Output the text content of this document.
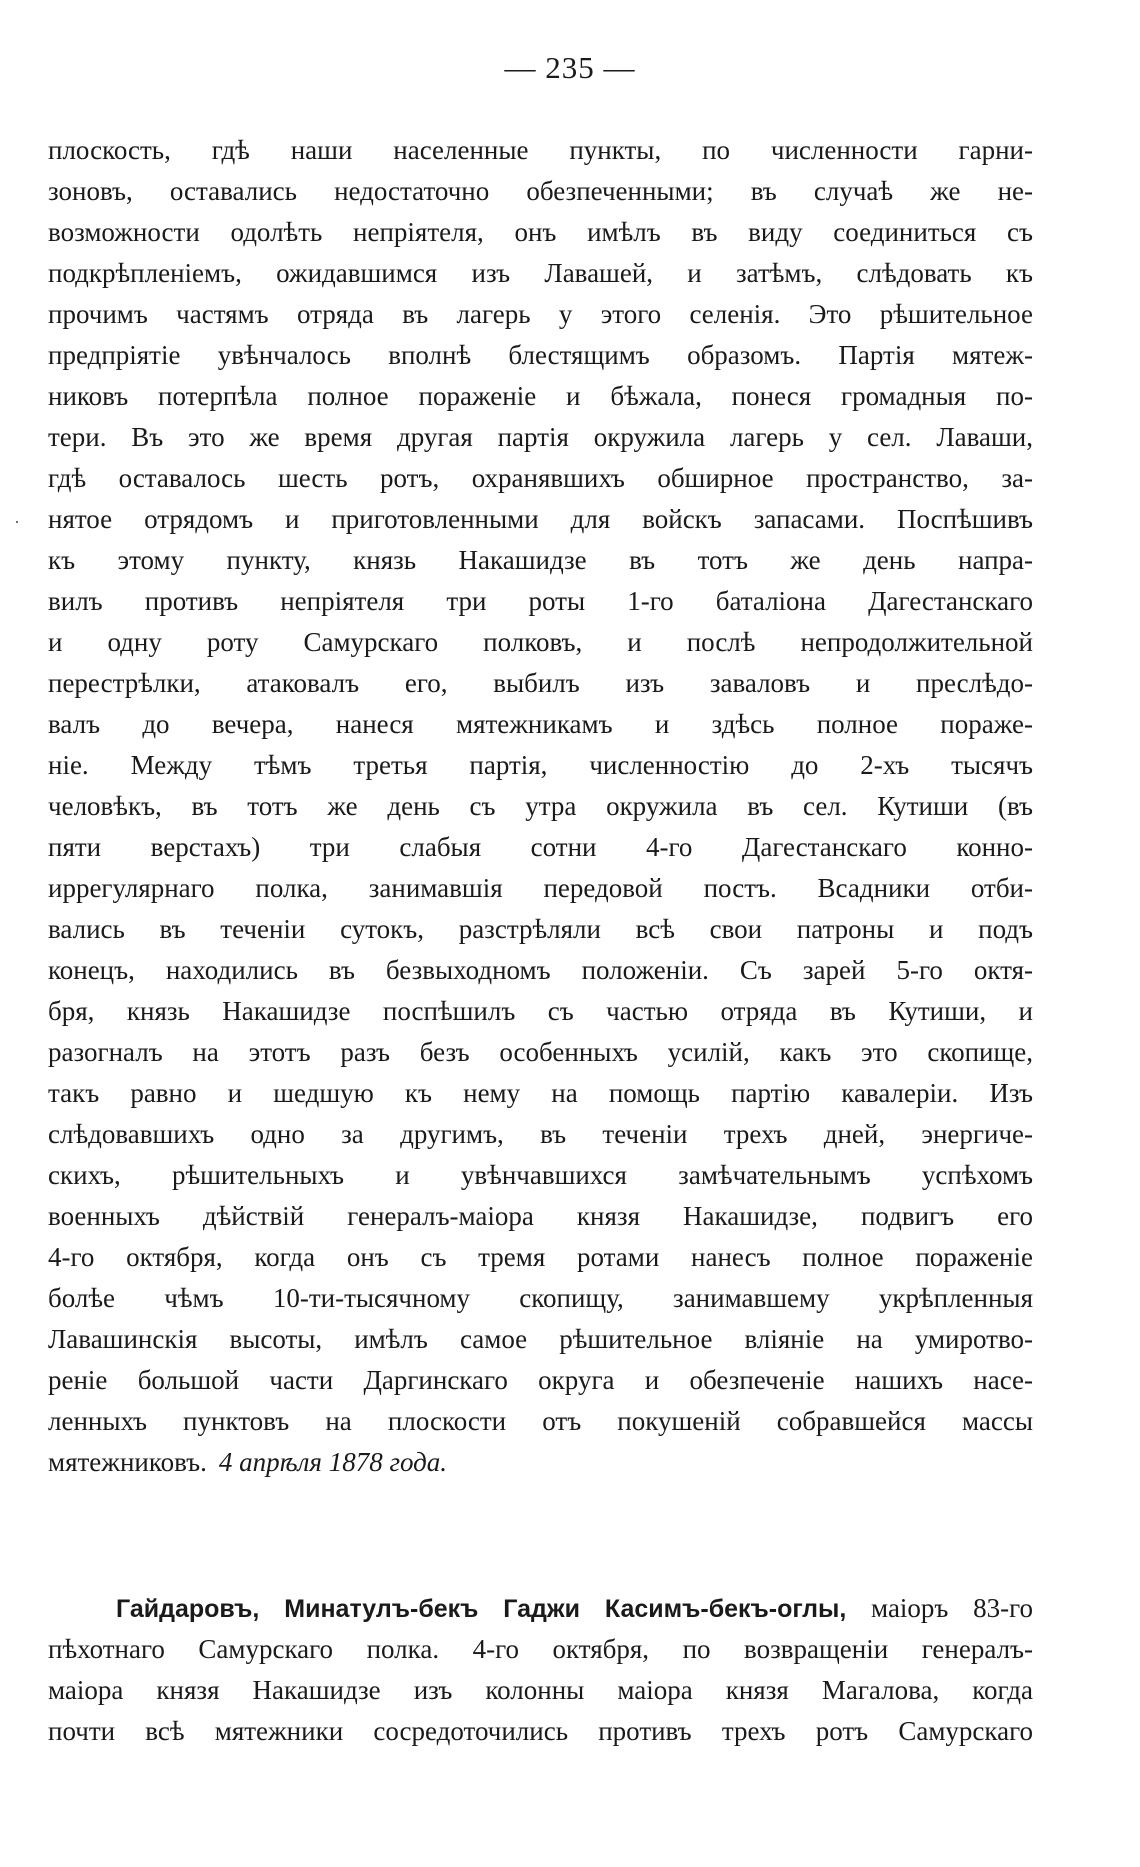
— 235 —
·
плоскость, гдѣ наши населенные пункты, по численности гарни-
зоновъ, оставались недостаточно обезпеченными; въ случаѣ же не-
возможности одолѣть непріятеля, онъ имѣлъ въ виду соединиться съ
подкрѣпленіемъ, ожидавшимся изъ Лавашей, и затѣмъ, слѣдовать къ
прочимъ частямъ отряда въ лагерь у этого селенія. Это рѣшительное
предпріятіе увѣнчалось вполнѣ блестящимъ образомъ. Партія мятеж-
никовъ потерпѣла полное пораженіе и бѣжала, понеся громадныя по-
тери. Въ это же время другая партія окружила лагерь у сел. Лаваши,
гдѣ оставалось шесть ротъ, охранявшихъ обширное пространство, за-
нятое отрядомъ и приготовленными для войскъ запасами. Поспѣшивъ
къ этому пункту, князь Накашидзе въ тотъ же день напра-
вилъ противъ непріятеля три роты 1-го баталіона Дагестанскаго
и одну роту Самурскаго полковъ, и послѣ непродолжительной
перестрѣлки, атаковалъ его, выбилъ изъ заваловъ и преслѣдо-
валъ до вечера, нанеся мятежникамъ и здѣсь полное пораже-
ніе. Между тѣмъ третья партія, численностію до 2-хъ тысячъ
человѣкъ, въ тотъ же день съ утра окружила въ сел. Кутиши (въ
пяти верстахъ) три слабыя сотни 4-го Дагестанскаго конно-
иррегулярнаго полка, занимавшія передовой постъ. Всадники отби-
вались въ теченіи сутокъ, разстрѣляли всѣ свои патроны и подъ
конецъ, находились въ безвыходномъ положеніи. Съ зарей 5-го октя-
бря, князь Накашидзе поспѣшилъ съ частью отряда въ Кутиши, и
разогналъ на этотъ разъ безъ особенныхъ усилій, какъ это скопище,
такъ равно и шедшую къ нему на помощь партію кавалеріи. Изъ
слѣдовавшихъ одно за другимъ, въ теченіи трехъ дней, энергиче-
скихъ, рѣшительныхъ и увѣнчавшихся замѣчательнымъ успѣхомъ
военныхъ дѣйствій генералъ-маіора князя Накашидзе, подвигъ его
4-го октября, когда онъ съ тремя ротами нанесъ полное пораженіе
болѣе чѣмъ 10-ти-тысячному скопищу, занимавшему укрѣпленныя
Лавашинскія высоты, имѣлъ самое рѣшительное вліяніе на умиротво-
реніе большой части Даргинскаго округа и обезпеченіе нашихъ насе-
ленныхъ пунктовъ на плоскости отъ покушеній собравшейся массы
мятежниковъ. 4 апрѣля 1878 года.
Гайдаровъ, Минатулъ-бекъ Гаджи Касимъ-бекъ-оглы, маіоръ 83-го
пѣхотнаго Самурскаго полка. 4-го октября, по возвращеніи генералъ-
маіора князя Накашидзе изъ колонны маіора князя Магалова, когда
почти всѣ мятежники сосредоточились противъ трехъ ротъ Самурскаго
